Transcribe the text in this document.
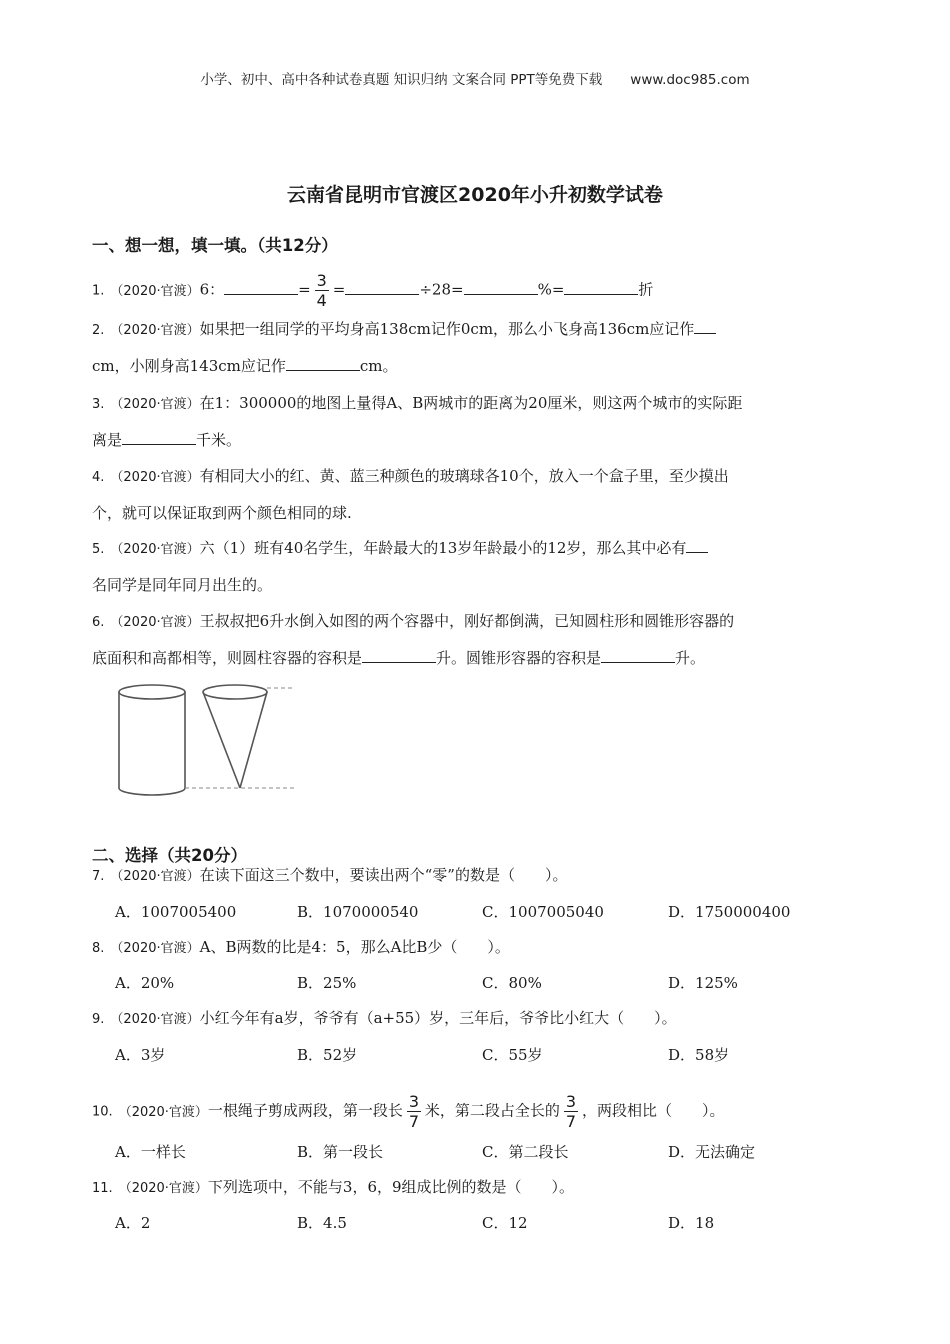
小学、初中、高中各种试卷真题 知识归纳 文案合同 PPT等免费下载 www.doc985.com
云南省昆明市官渡区2020年小升初数学试卷
一、想一想，填一填。（共12分）
1. （2020·官渡）6：	= $\frac{3}{4}$ =	÷28=	%=	折
2. （2020·官渡）如果把一组同学的平均身高138cm记作0cm，那么小飞身高136cm应记作
cm，小刚身高143cm应记作	cm。
3. （2020·官渡）在1：300000的地图上量得A、B两城市的距离为20厘米，则这两个城市的实际距
离是	千米。
4. （2020·官渡）有相同大小的红、黄、蓝三种颜色的玻璃球各10个，放入一个盒子里，至少摸出
个，就可以保证取到两个颜色相同的球.
5. （2020·官渡）六（1）班有40名学生，年龄最大的13岁年龄最小的12岁，那么其中必有
名同学是同年同月出生的。
6. （2020·官渡）王叔叔把6升水倒入如图的两个容器中，刚好都倒满，已知圆柱形和圆锥形容器的
底面积和高都相等，则圆柱容器的容积是	升。圆锥形容器的容积是	升。
二、选择（共20分）
7. （2020·官渡）在读下面这三个数中，要读出两个“零”的数是（　　）。
A．1007005400	B．1070000540	C．1007005040	D．1750000400
8. （2020·官渡）A、B两数的比是4：5，那么A比B少（　　）。
A．20%	B．25%	C．80%	D．125%
9. （2020·官渡）小红今年有a岁，爷爷有（a+55）岁，三年后，爷爷比小红大（　　）。
A．3岁	B．52岁	C．55岁	D．58岁
10. （2020·官渡）一根绳子剪成两段，第一段长 $\frac{3}{7}$ 米，第二段占全长的 $\frac{3}{7}$ ，两段相比（　　）。
A．一样长	B．第一段长	C．第二段长	D．无法确定
11. （2020·官渡）下列选项中，不能与3，6，9组成比例的数是（　　）。
A．2	B．4.5	C．12	D．18
